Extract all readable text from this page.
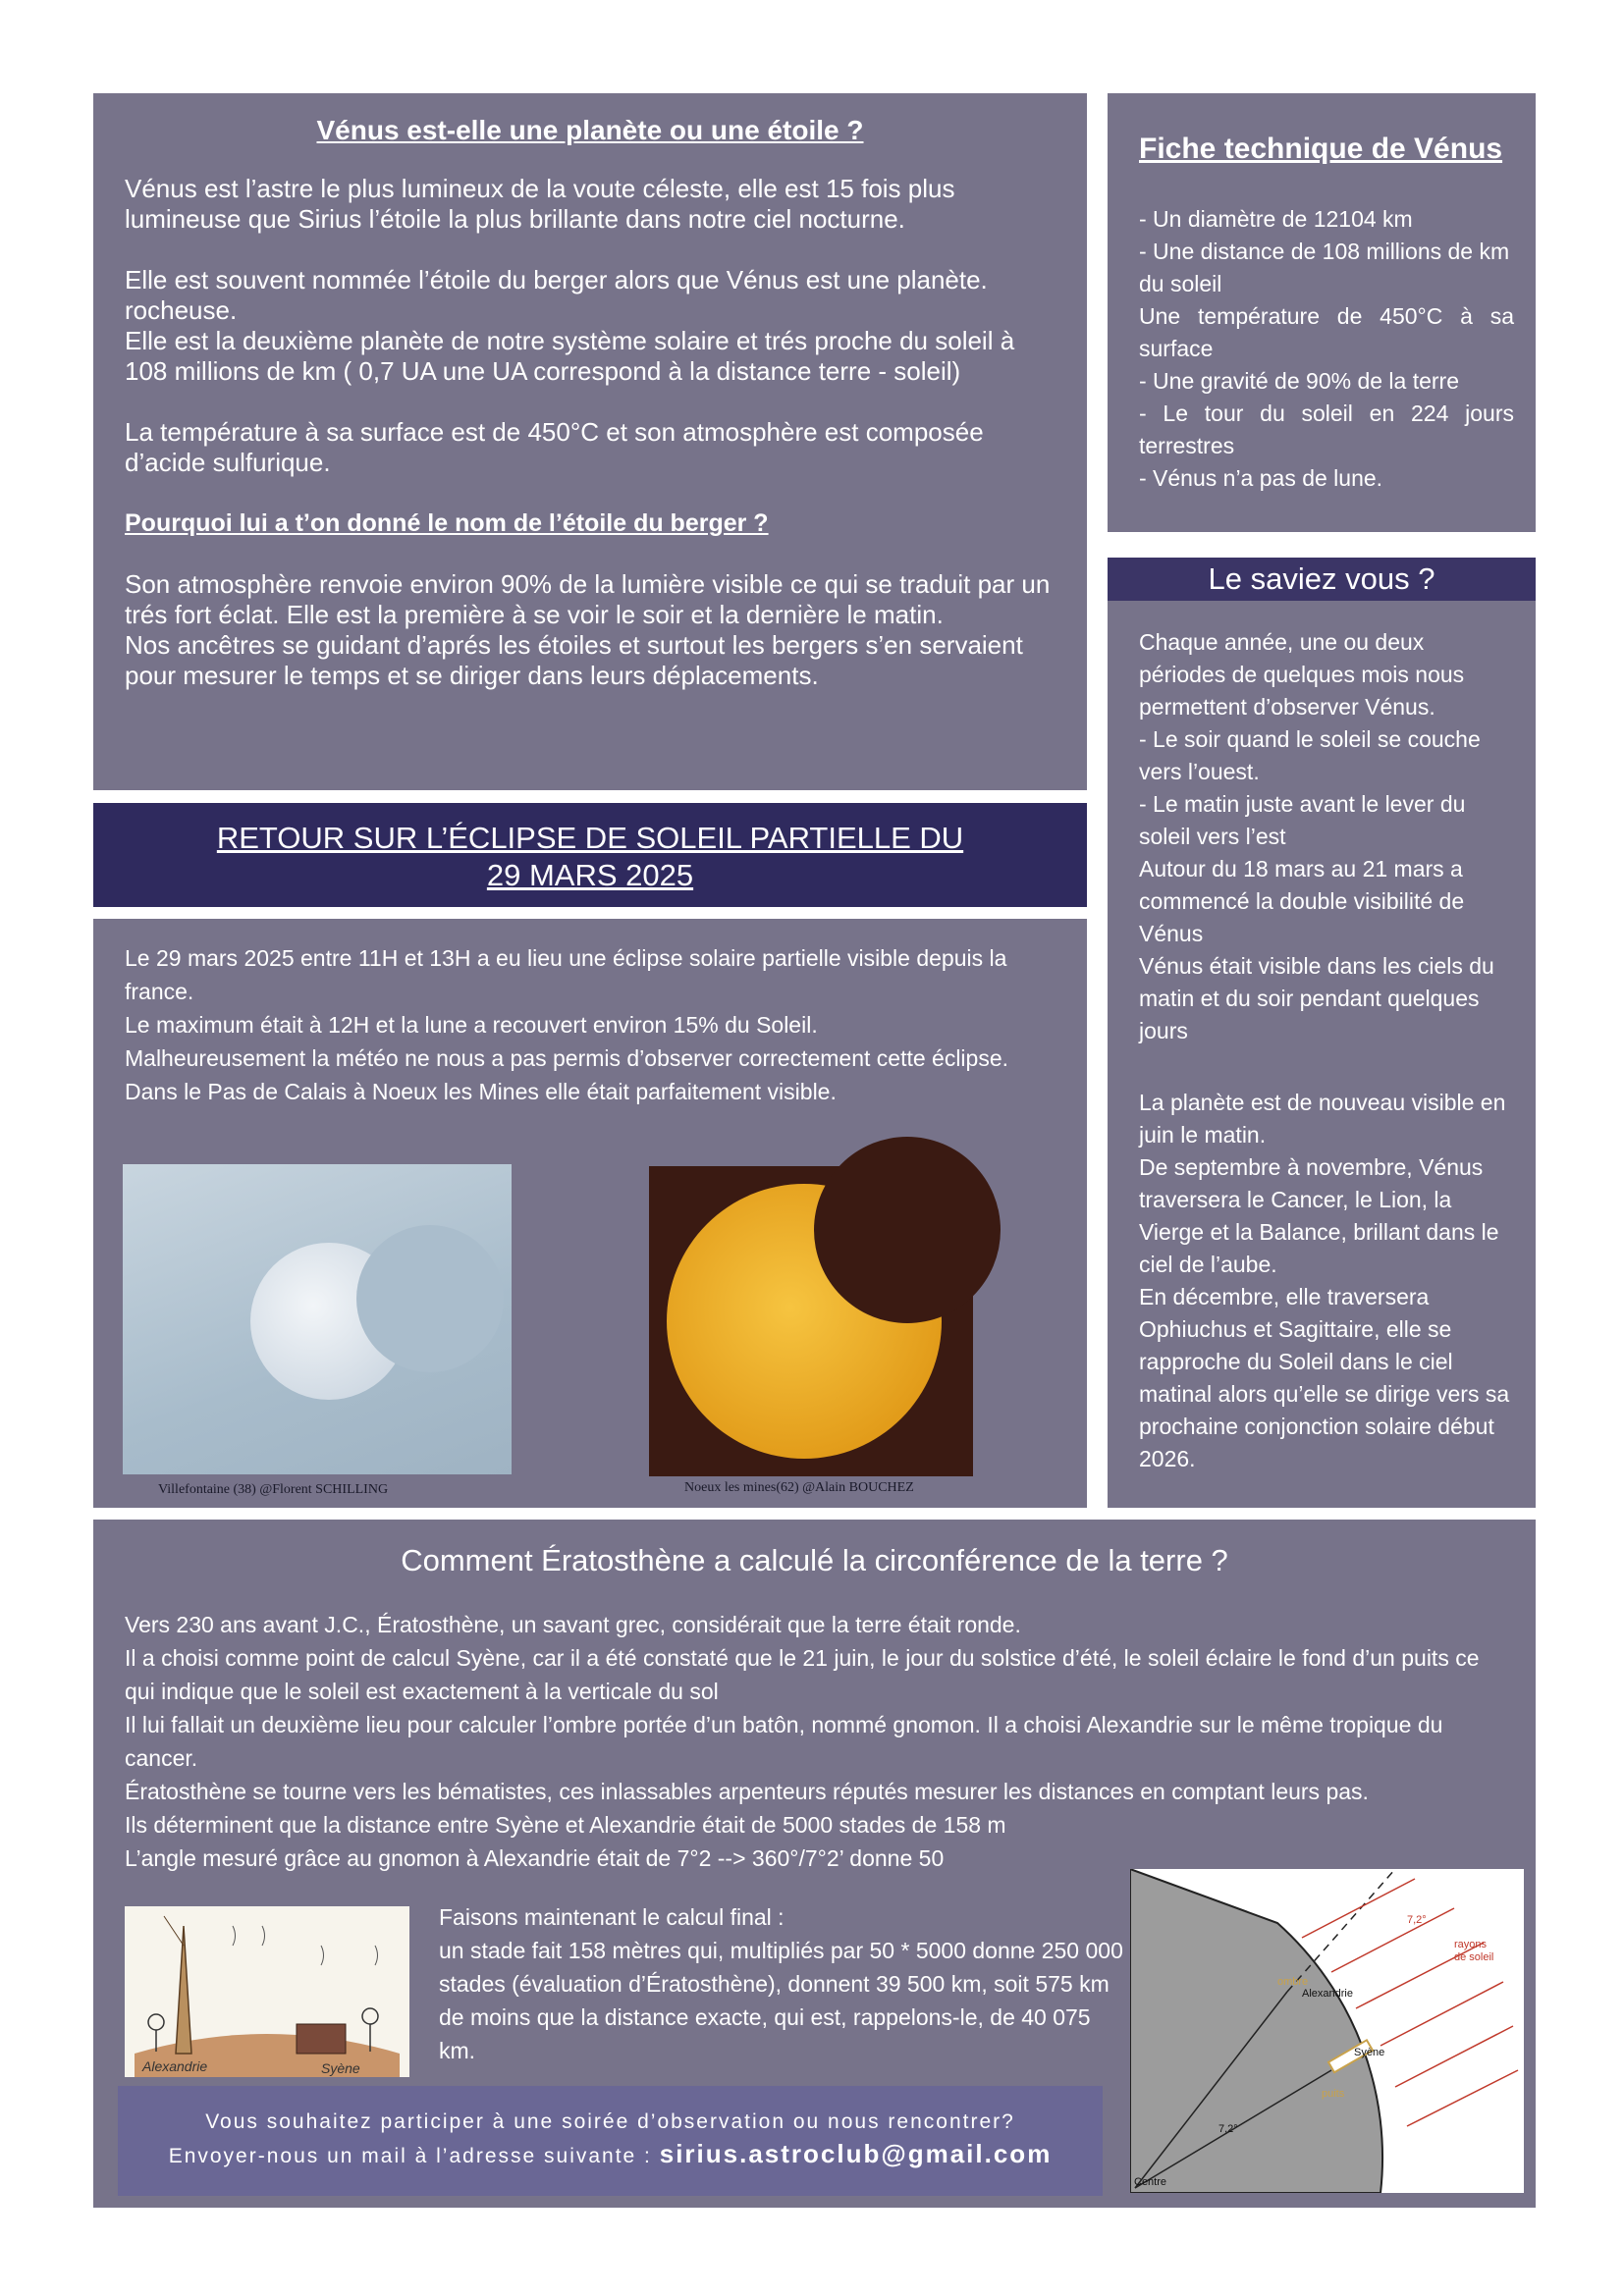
Vénus est-elle une planète ou une étoile ?

Vénus est l’astre le plus lumineux de la voute céleste, elle est 15 fois plus lumineuse que Sirius l’étoile la plus brillante dans notre ciel nocturne.

Elle est souvent nommée l’étoile du berger alors que Vénus est une planète. rocheuse.

Elle est la deuxième planète de notre système solaire et trés proche du soleil à 108 millions de km ( 0,7 UA une UA correspond à la distance terre - soleil)

La température à sa surface est de 450°C et son atmosphère est composée d’acide sulfurique.

Pourquoi lui a t’on donné le nom de l’étoile du berger ?

Son atmosphère renvoie environ 90% de la lumière visible ce qui se traduit par un trés fort éclat. Elle est la première à se voir le soir et la dernière le matin.

Nos ancêtres se guidant d’aprés les étoiles et surtout les bergers s’en servaient pour mesurer le temps et se diriger dans leurs déplacements.

Fiche technique de Vénus

- Un diamètre de 12104 km

- Une distance de 108 millions de km du soleil

Une température de 450°C à sa surface

- Une gravité de 90% de la terre

- Le tour du soleil en 224 jours terrestres

- Vénus n’a pas de lune.

Le saviez vous ?

Chaque année, une ou deux périodes de quelques mois nous permettent d’observer Vénus.

- Le soir quand le soleil se couche vers l’ouest.

- Le matin juste avant le lever du soleil vers l’est

Autour du 18 mars au 21 mars a commencé la double visibilité de Vénus

Vénus était visible dans les ciels du matin et du soir pendant quelques jours

La planète est de nouveau visible en juin le matin.

De septembre à novembre, Vénus traversera le Cancer, le Lion, la Vierge et la Balance, brillant dans le ciel de l’aube.

En décembre, elle traversera Ophiuchus et Sagittaire, elle se rapproche du Soleil dans le ciel matinal alors qu’elle se dirige vers sa prochaine conjonction solaire début 2026.

RETOUR SUR L’ÉCLIPSE DE SOLEIL PARTIELLE DU
29 MARS 2025

Le 29 mars 2025 entre 11H et 13H a eu lieu une éclipse solaire partielle visible depuis la france.

Le maximum était à 12H et la lune a recouvert environ 15% du Soleil.

Malheureusement la météo ne nous a pas permis d’observer correctement cette éclipse. Dans le Pas de Calais à Noeux les Mines elle était parfaitement visible.

Villefontaine (38) @Florent SCHILLING	Noeux les mines(62) @Alain BOUCHEZ
Comment Ératosthène a calculé la circonférence de la terre ?

Vers 230 ans avant J.C., Ératosthène, un savant grec, considérait que la terre était ronde.

Il a choisi comme point de calcul Syène, car il a été constaté que le 21 juin, le jour du solstice d’été, le soleil éclaire le fond d’un puits ce qui indique que le soleil est exactement à la verticale du sol

Il lui fallait un deuxième lieu pour calculer l’ombre portée d’un batôn, nommé gnomon. Il a choisi Alexandrie sur le même tropique du cancer.

Ératosthène se tourne vers les bématistes, ces inlassables arpenteurs réputés mesurer les distances en comptant leurs pas.

Ils déterminent que la distance entre Syène et Alexandrie était de 5000 stades de 158 m

L’angle mesuré grâce au gnomon à Alexandrie était de 7°2 --> 360°/7°2’ donne 50

Alexandrie	Syène

Faisons maintenant le calcul final :

un stade fait 158 mètres qui, multipliés par 50 * 5000 donne 250 000 stades (évaluation d’Ératosthène), donnent 39 500 km, soit 575 km de moins que la distance exacte, qui est, rappelons-le, de 40 075 km.

7,2°
rayons
de soleil
ombre
Alexandrie
Syène
puits
7,2°
Centre
Vous souhaitez participer à une soirée d’observation ou nous rencontrer?
Envoyer-nous un mail à l’adresse suivante : sirius.astroclub@gmail.com
